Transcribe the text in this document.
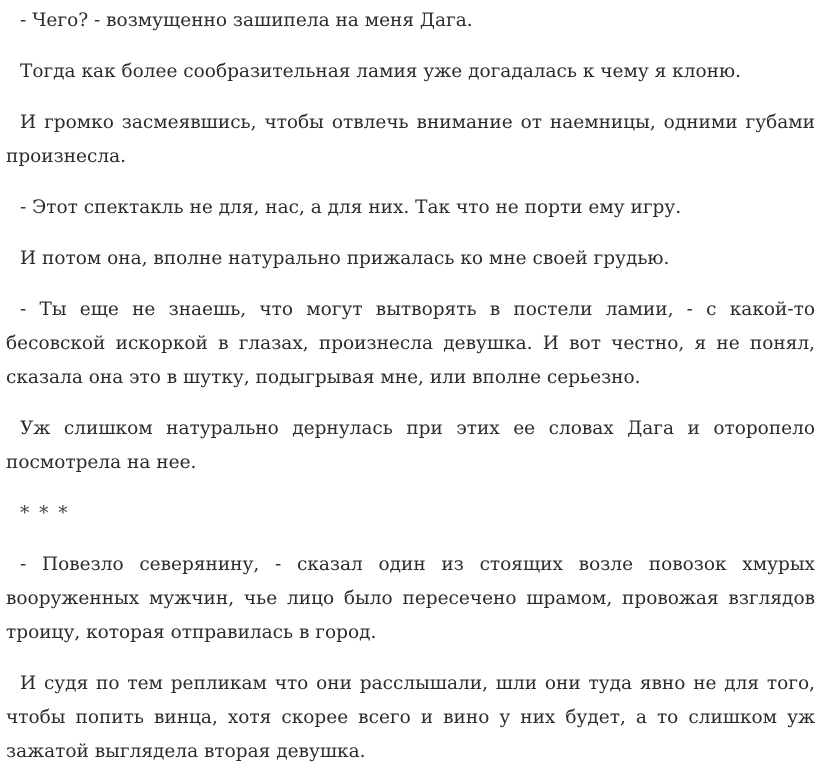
- Чего? - возмущенно зашипела на меня Дага.

Тогда как более сообразительная ламия уже догадалась к чему я клоню.

И громко засмеявшись, чтобы отвлечь внимание от наемницы, одними губами произнесла.

- Этот спектакль не для, нас, а для них. Так что не порти ему игру.

И потом она, вполне натурально прижалась ко мне своей грудью.

- Ты еще не знаешь, что могут вытворять в постели ламии, - с какой-то бесовской искоркой в глазах, произнесла девушка. И вот честно, я не понял, сказала она это в шутку, подыгрывая мне, или вполне серьезно.

Уж слишком натурально дернулась при этих ее словах Дага и оторопело посмотрела на нее.

* * *

- Повезло северянину, - сказал один из стоящих возле повозок хмурых вооруженных мужчин, чье лицо было пересечено шрамом, провожая взглядов троицу, которая отправилась в город.

И судя по тем репликам что они расслышали, шли они туда явно не для того, чтобы попить винца, хотя скорее всего и вино у них будет, а то слишком уж зажатой выглядела вторая девушка.
